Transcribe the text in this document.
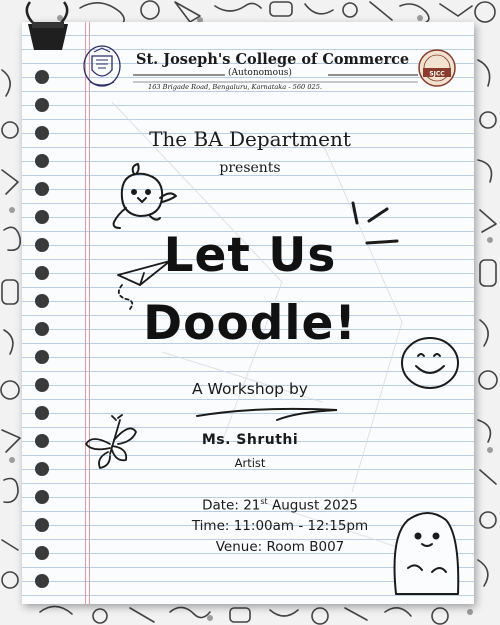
SJCC
St. Joseph's College of Commerce
(Autonomous)
163 Brigade Road, Bengaluru, Karnataka - 560 025.
The BA Department
presents
Let Us
Doodle!
A Workshop by
Ms. Shruthi
Artist
Date: 21st August 2025
Time: 11:00am - 12:15pm
Venue: Room B007
